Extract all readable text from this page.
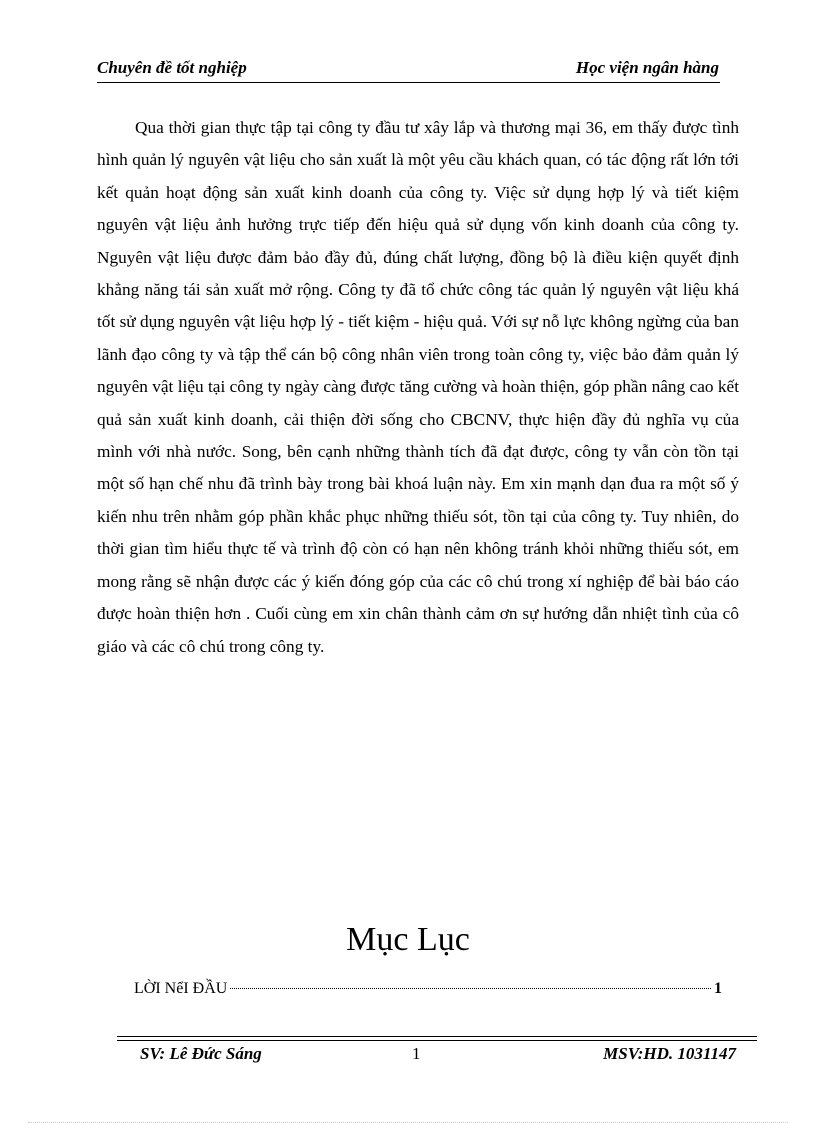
Chuyên đề tốt nghiệp	Học viện ngân hàng

Qua thời gian thực tập tại công ty đầu tư xây lắp và thương mại 36, em thấy được tình hình quản lý nguyên vật liệu cho sản xuất là một yêu cầu khách quan, có tác động rất lớn tới kết quản hoạt động sản xuất kinh doanh của công ty. Việc sử dụng hợp lý và tiết kiệm nguyên vật liệu ảnh hưởng trực tiếp đến hiệu quả sử dụng vốn kinh doanh của công ty. Nguyên vật liệu được đảm bảo đầy đủ, đúng chất lượng, đồng bộ là điều kiện quyết định khẳng năng tái sản xuất mở rộng. Công ty đã tổ chức công tác quản lý nguyên vật liệu khá tốt sử dụng nguyên vật liệu hợp lý - tiết kiệm - hiệu quả. Với sự nỗ lực không ngừng của ban lãnh đạo công ty và tập thể cán bộ công nhân viên trong toàn công ty, việc bảo đảm quản lý nguyên vật liệu tại công ty ngày càng được tăng cường và hoàn thiện, góp phần nâng cao kết quả sản xuất kinh doanh, cải thiện đời sống cho CBCNV, thực hiện đầy đủ nghĩa vụ của mình với nhà nước. Song, bên cạnh những thành tích đã đạt được, công ty vẫn còn tồn tại một số hạn chế nhu đã trình bày trong bài khoá luận này. Em xin mạnh dạn đua ra một số ý kiến nhu trên nhằm góp phần khắc phục những thiếu sót, tồn tại của công ty. Tuy nhiên, do thời gian tìm hiểu thực tế và trình độ còn có hạn nên không tránh khỏi những thiếu sót, em mong rằng sẽ nhận được các ý kiến đóng góp của các cô chú trong xí nghiệp để bài báo cáo được hoàn thiện hơn . Cuối cùng em xin chân thành cảm ơn sự hướng dẫn nhiệt tình của cô giáo và các cô chú trong công ty.

Mục Lục
LỜI NểI ĐẦU	1
SV: Lê Đức Sáng	1	MSV:HD. 1031147
